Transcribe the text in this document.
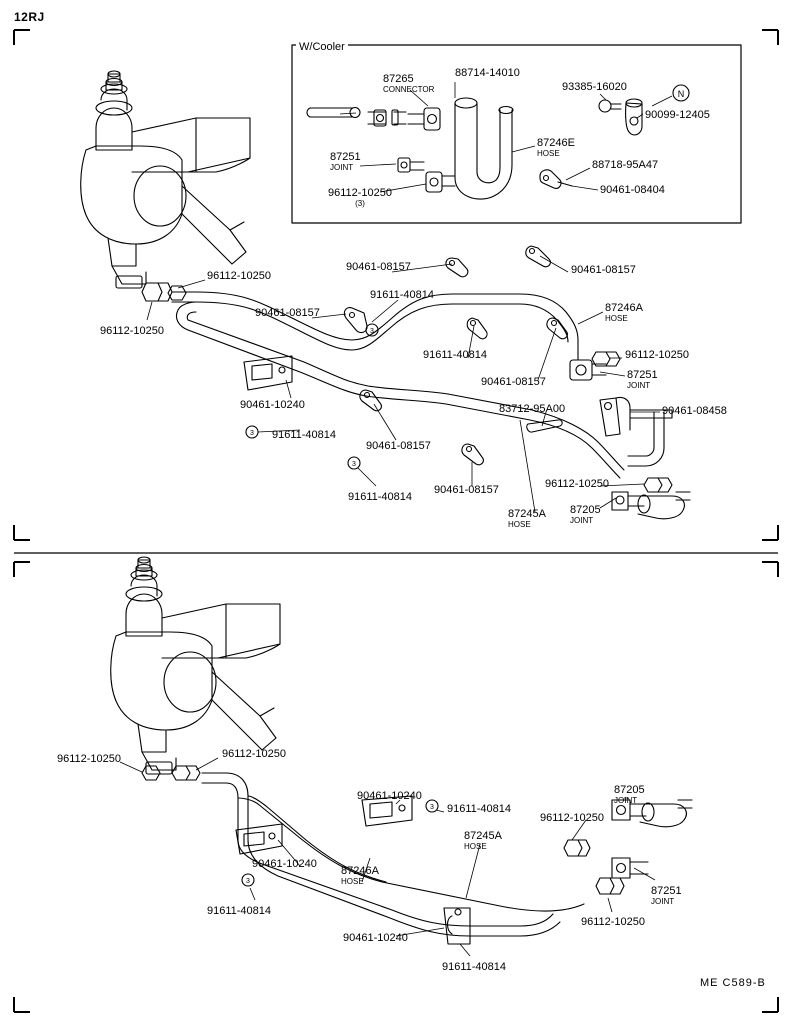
12RJ
N
3
3
3
W/Cooler
3
3
87265
CONNECTOR
88714-14010
93385-16020
90099-12405
87246E
HOSE
88718-95A47
87251
JOINT
90461-08404
96112-10250
(3)
96112-10250
90461-08157	90461-08157
96112-10250
91611-40814
87246A
HOSE
90461-08157
91611-40814	96112-10250
90461-08157
87251
JOINT
90461-10240	83712-95A00	90461-08458
91611-40814
90461-08157
91611-40814
90461-08157	96112-10250
87245A
HOSE
87205
JOINT
96112-10250	96112-10250
90461-10240
91611-40814
96112-10250
87205
JOINT
87245A
HOSE
90461-10240
87246A
HOSE
87251
JOINT
91611-40814
96112-10250
90461-10240
91611-40814
ME C589-B
